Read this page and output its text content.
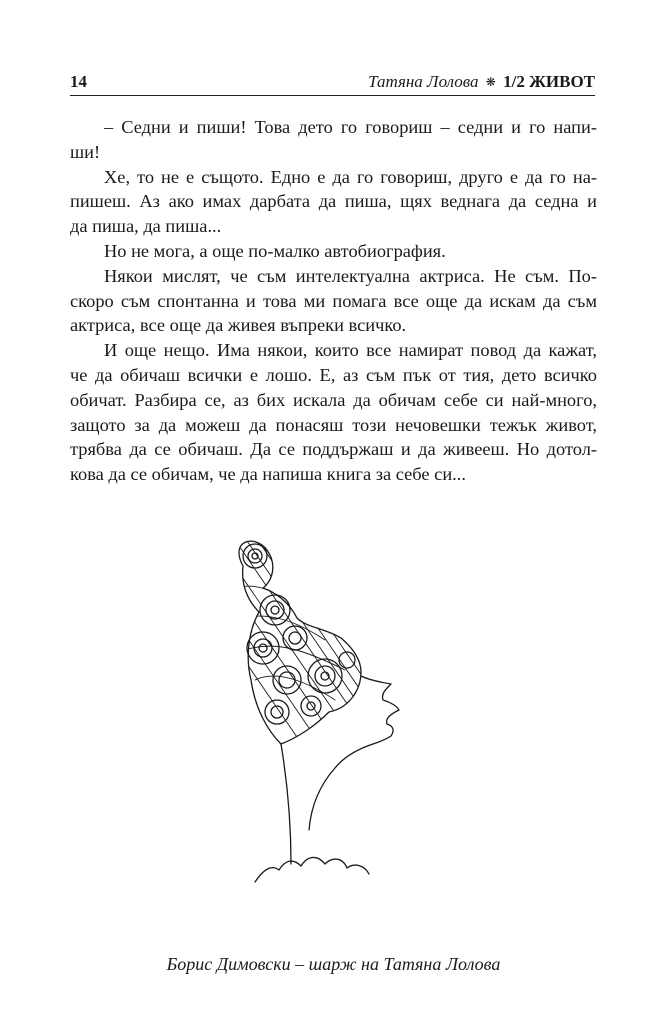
14	Татяна Лолова ❋ 1/2 ЖИВОТ
– Седни и пиши! Това дето го говориш – седни и го напи-
ши!
Хе, то не е същото. Едно е да го говориш, друго е да го на-
пишеш. Аз ако имах дарбата да пиша, щях веднага да седна и
да пиша, да пиша...
Но не мога, а още по-малко автобиография.
Някои мислят, че съм интелектуална актриса. Не съм. По-
скоро съм спонтанна и това ми помага все още да искам да съм
актриса, все още да живея въпреки всичко.
И още нещо. Има някои, които все намират повод да кажат,
че да обичаш всички е лошо. Е, аз съм пък от тия, дето всичко
обичат. Разбира се, аз бих искала да обичам себе си най-много,
защото за да можеш да понасяш този нечовешки тежък живот,
трябва да се обичаш. Да се поддържаш и да живееш. Но дотол-
кова да се обичам, че да напиша книга за себе си...
Борис Димовски – шарж на Татяна Лолова
